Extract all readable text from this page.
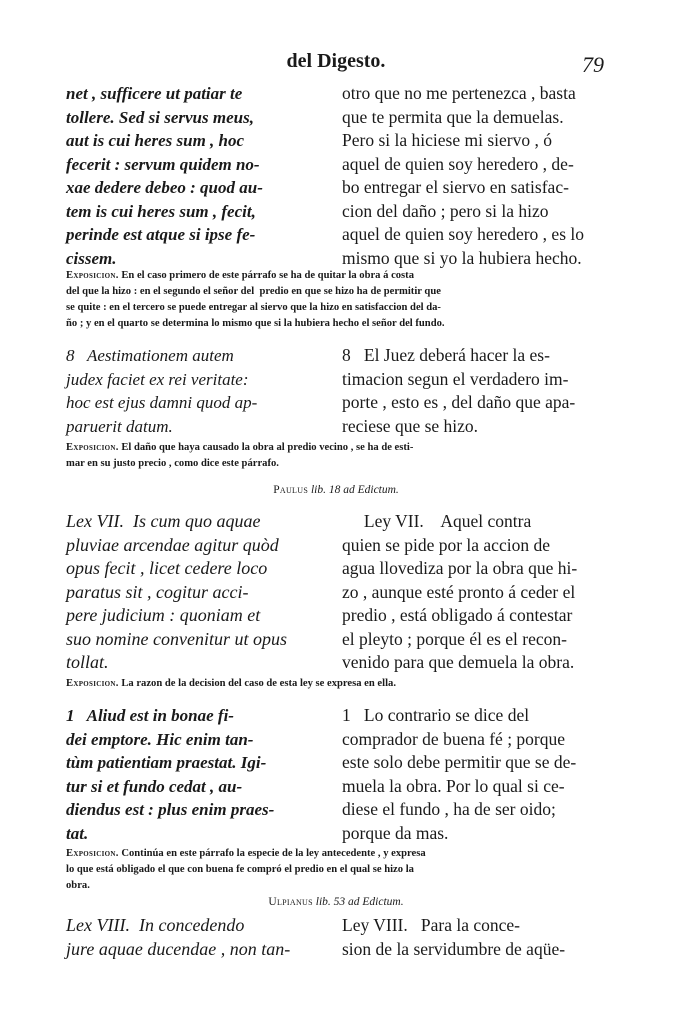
del Digesto.	79
net , sufficere ut patiar te
tollere. Sed si servus meus,
aut is cui heres sum , hoc
fecerit : servum quidem no-
xae dedere debeo : quod au-
tem is cui heres sum , fecit,
perinde est atque si ipse fe-
cissem.
otro que no me pertenezca , basta
que te permita que la demuelas.
Pero si la hiciese mi siervo , ó
aquel de quien soy heredero , de-
bo entregar el siervo en satisfac-
cion del daño ; pero si la hizo
aquel de quien soy heredero , es lo
mismo que si yo la hubiera hecho.
Exposicion. En el caso primero de este párrafo se ha de quitar la obra á costa
del que la hizo : en el segundo el señor del  predio en que se hizo ha de permitir que
se quite : en el tercero se puede entregar al siervo que la hizo en satisfaccion del da-
ño ; y en el quarto se determina lo mismo que si la hubiera hecho el señor del fundo.
8   Aestimationem autem
judex faciet ex rei veritate:
hoc est ejus damni quod ap-
paruerit datum.
8   El Juez deberá hacer la es-
timacion segun el verdadero im-
porte , esto es , del daño que apa-
reciese que se hizo.
Exposicion. El daño que haya causado la obra al predio vecino , se ha de esti-
mar en su justo precio , como dice este párrafo.
Paulus lib. 18 ad Edictum.
Lex VII.  Is cum quo aquae
pluviae arcendae agitur quòd
opus fecit , licet cedere loco
paratus sit , cogitur acci-
pere judicium : quoniam et
suo nomine convenitur ut opus
tollat.
Ley VII.    Aquel contra
quien se pide por la accion de
agua llovediza por la obra que hi-
zo , aunque esté pronto á ceder el
predio , está obligado á contestar
el pleyto ; porque él es el recon-
venido para que demuela la obra.
Exposicion. La razon de la decision del caso de esta ley se expresa en ella.
1   Aliud est in bonae fi-
dei emptore. Hic enim tan-
tùm patientiam praestat. Igi-
tur si et fundo cedat , au-
diendus est : plus enim praes-
tat.
1   Lo contrario se dice del
comprador de buena fé ; porque
este solo debe permitir que se de-
muela la obra. Por lo qual si ce-
diese el fundo , ha de ser oido;
porque da mas.
Exposicion. Continúa en este párrafo la especie de la ley antecedente , y expresa
lo que está obligado el que con buena fe compró el predio en el qual se hizo la
obra.
Ulpianus lib. 53 ad Edictum.
Lex VIII.  In concedendo
jure aquae ducendae , non tan-
Ley VIII.   Para la conce-
sion de la servidumbre de aqüe-
